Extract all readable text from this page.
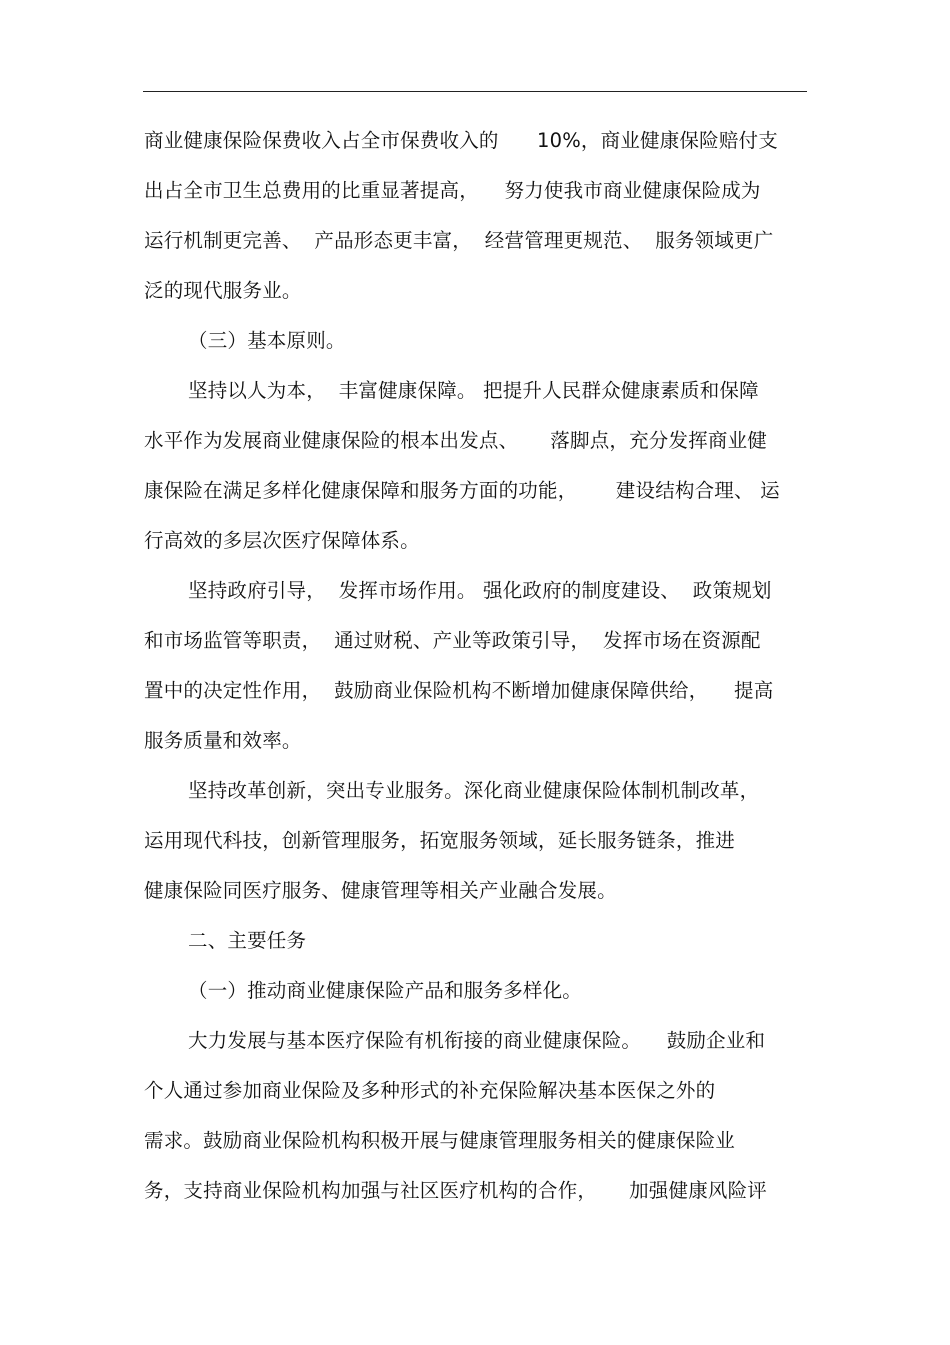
商业健康保险保费收入占全市保费收入的      10%，商业健康保险赔付支
出占全市卫生总费用的比重显著提高，    努力使我市商业健康保险成为
运行机制更完善、  产品形态更丰富，  经营管理更规范、  服务领域更广
泛的现代服务业。
（三）基本原则。
坚持以人为本，  丰富健康保障。 把提升人民群众健康素质和保障
水平作为发展商业健康保险的根本出发点、     落脚点，充分发挥商业健
康保险在满足多样化健康保障和服务方面的功能，      建设结构合理、 运
行高效的多层次医疗保障体系。
坚持政府引导，  发挥市场作用。 强化政府的制度建设、  政策规划
和市场监管等职责，  通过财税、产业等政策引导，  发挥市场在资源配
置中的决定性作用，  鼓励商业保险机构不断增加健康保障供给，    提高
服务质量和效率。
坚持改革创新，突出专业服务。深化商业健康保险体制机制改革，
运用现代科技，创新管理服务，拓宽服务领域，延长服务链条，推进
健康保险同医疗服务、健康管理等相关产业融合发展。
二、主要任务
（一）推动商业健康保险产品和服务多样化。
大力发展与基本医疗保险有机衔接的商业健康保险。    鼓励企业和
个人通过参加商业保险及多种形式的补充保险解决基本医保之外的
需求。鼓励商业保险机构积极开展与健康管理服务相关的健康保险业
务，支持商业保险机构加强与社区医疗机构的合作，     加强健康风险评
